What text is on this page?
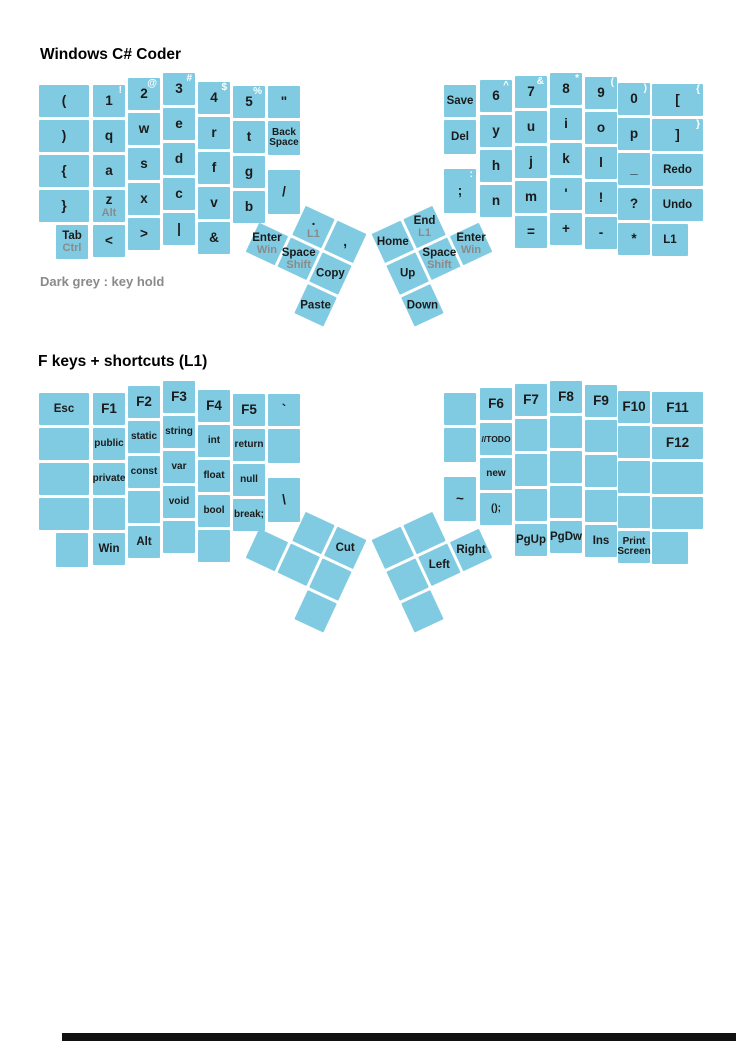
Windows C# Coder
(
)
{
}
Tab
Ctrl
1
!
q
a
z
Alt
<
2
@
w
s
x
>
3
#
e
d
c
|
4
$
r
f
v
&
5
%
t
g
b
"
Back Space
/
Save
Del
;
:
6
^
y
h
n
7
&
u
j
m
=
8
*
i
k
'
+
9
(
o
l
!
-
0
)
p
_
?
*
[
{
]
}
Redo
Undo
L1
.
L1 ,
Enter
Win Space
Shift
Copy
Paste
End
L1
Home	Enter
Win
Space
Shift
Up
Down
Dark grey : key hold
F keys + shortcuts (L1)
Esc F1
public
private
Win
F2
static
const
Alt
F3
string
var
void
F4
int
float
bool
F5
return
null
break;
`
\	~
F6
//TODO
new
();
F7
PgUp
F8
PgDw
F9
Ins
F10
Print Screen
F11
F12
Cut	Right
Left
